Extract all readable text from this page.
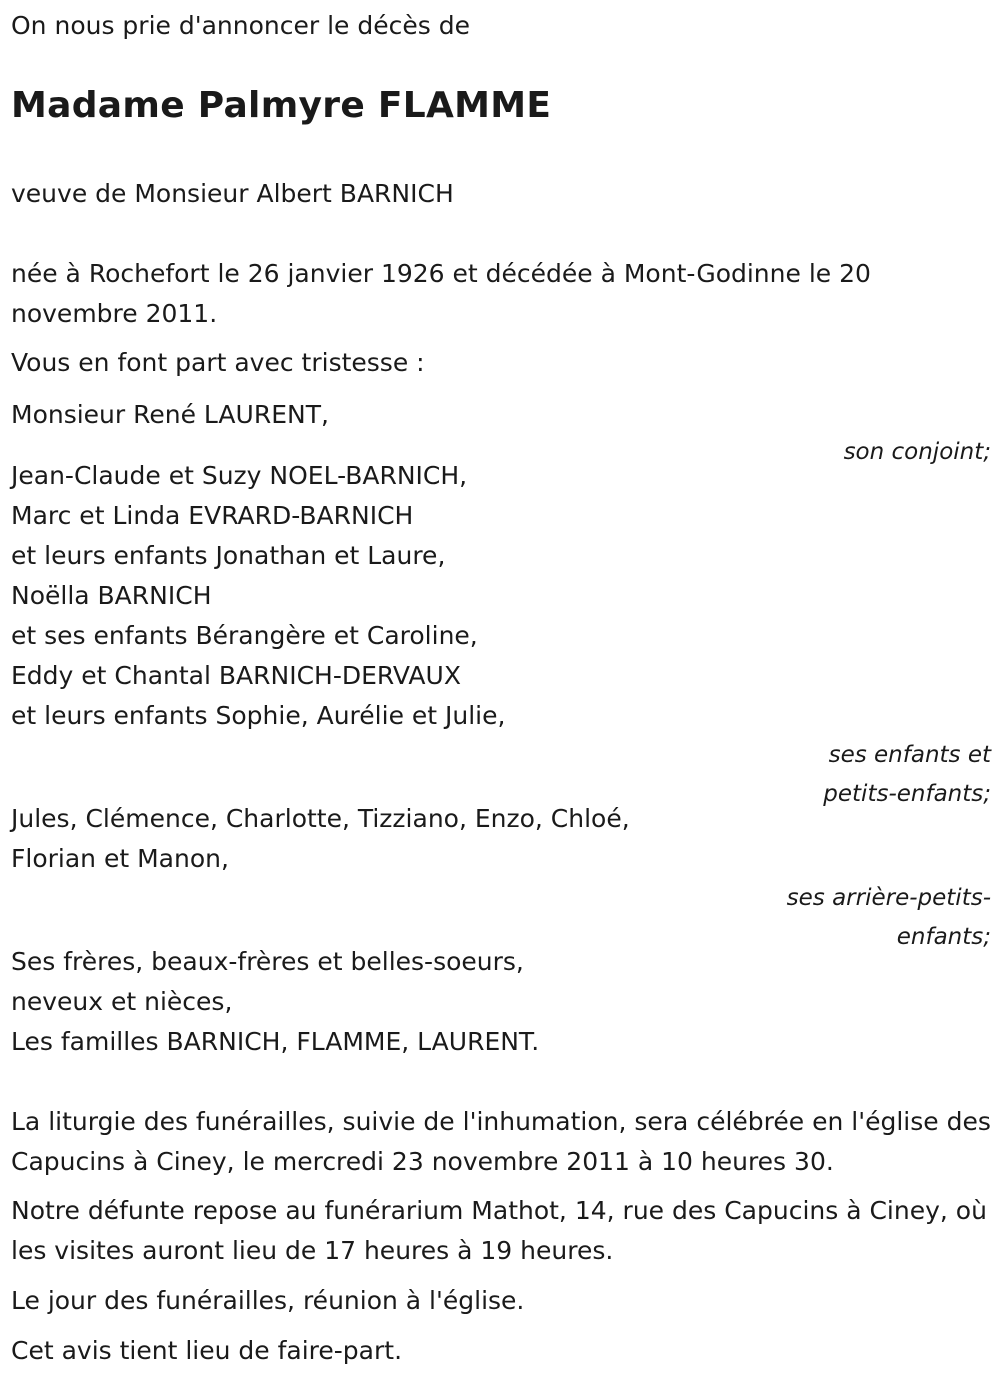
On nous prie d'annoncer le décès de
Madame Palmyre FLAMME
veuve de Monsieur Albert BARNICH
née à Rochefort le 26 janvier 1926 et décédée à Mont-Godinne le 20 novembre 2011.
Vous en font part avec tristesse :
Monsieur René LAURENT,
son conjoint;
Jean-Claude et Suzy NOEL-BARNICH,
Marc et Linda EVRARD-BARNICH
et leurs enfants Jonathan et Laure,
Noëlla BARNICH
et ses enfants Bérangère et Caroline,
Eddy et Chantal BARNICH-DERVAUX
et leurs enfants Sophie, Aurélie et Julie,
ses enfants et
petits-enfants;
Jules, Clémence, Charlotte, Tizziano, Enzo, Chloé,
Florian et Manon,
ses arrière-petits-
enfants;
Ses frères, beaux-frères et belles-soeurs,
neveux et nièces,
Les familles BARNICH, FLAMME, LAURENT.
La liturgie des funérailles, suivie de l'inhumation, sera célébrée en l'église des Capucins à Ciney, le mercredi 23 novembre 2011 à 10 heures 30.
Notre défunte repose au funérarium Mathot, 14, rue des Capucins à Ciney, où les visites auront lieu de 17 heures à 19 heures.
Le jour des funérailles, réunion à l'église.
Cet avis tient lieu de faire-part.
